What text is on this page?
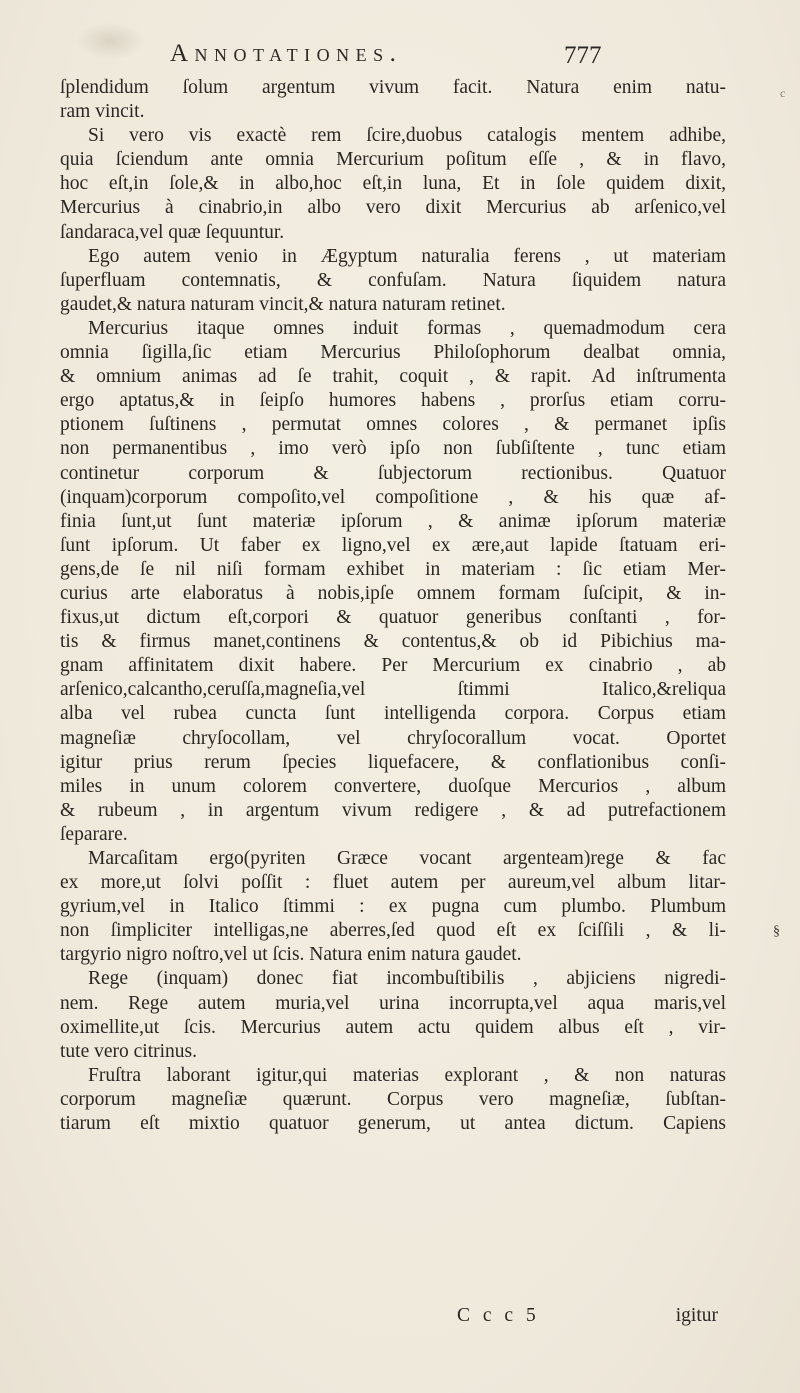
Annotationes.	777
ſplendidum ſolum argentum vivum facit. Natura enim natu-
ram vincit.
Si vero vis exactè rem ſcire,duobus catalogis mentem adhibe,
quia ſciendum ante omnia Mercurium poſitum eſſe , & in flavo,
hoc eſt,in ſole,& in albo,hoc eſt,in luna, Et in ſole quidem dixit,
Mercurius à cinabrio,in albo vero dixit Mercurius ab arſenico,vel
ſandaraca,vel quæ ſequuntur.
Ego autem venio in Ægyptum naturalia ferens , ut materiam
ſuperfluam contemnatis, & confuſam. Natura ſiquidem natura
gaudet,& natura naturam vincit,& natura naturam retinet.
Mercurius itaque omnes induit formas , quemadmodum cera
omnia ſigilla,ſic etiam Mercurius Philoſophorum dealbat omnia,
& omnium animas ad ſe trahit, coquit , & rapit. Ad inſtrumenta
ergo aptatus,& in ſeipſo humores habens , prorſus etiam corru-
ptionem ſuſtinens , permutat omnes colores , & permanet ipſis
non permanentibus , imo verò ipſo non ſubſiſtente , tunc etiam
continetur corporum & ſubjectorum rectionibus. Quatuor
(inquam)corporum compoſito,vel compoſitione , & his quæ af-
finia ſunt,ut ſunt materiæ ipſorum , & animæ ipſorum materiæ
ſunt ipſorum. Ut faber ex ligno,vel ex ære,aut lapide ſtatuam eri-
gens,de ſe nil niſi formam exhibet in materiam : ſic etiam Mer-
curius arte elaboratus à nobis,ipſe omnem formam ſuſcipit, & in-
fixus,ut dictum eſt,corpori & quatuor generibus conſtanti , for-
tis & firmus manet,continens & contentus,& ob id Pibichius ma-
gnam affinitatem dixit habere. Per Mercurium ex cinabrio , ab
arſenico,calcantho,ceruſſa,magneſia,vel ſtimmi Italico,&reliqua
alba vel rubea cuncta ſunt intelligenda corpora. Corpus etiam
magneſiæ chryſocollam, vel chryſocorallum vocat. Oportet
igitur prius rerum ſpecies liquefacere, & conflationibus conſi-
miles in unum colorem convertere, duoſque Mercurios , album
& rubeum , in argentum vivum redigere , & ad putrefactionem
ſeparare.
Marcaſitam ergo(pyriten Græce vocant argenteam)rege & fac
ex more,ut ſolvi poſſit : fluet autem per aureum,vel album litar-
gyrium,vel in Italico ſtimmi : ex pugna cum plumbo. Plumbum
non ſimpliciter intelligas,ne aberres,ſed quod eſt ex ſciſſili , & li-
targyrio nigro noſtro,vel ut ſcis. Natura enim natura gaudet.
Rege (inquam) donec fiat incombuſtibilis , abjiciens nigredi-
nem. Rege autem muria,vel urina incorrupta,vel aqua maris,vel
oximellite,ut ſcis. Mercurius autem actu quidem albus eſt , vir-
tute vero citrinus.
Fruſtra laborant igitur,qui materias explorant , & non naturas
corporum magneſiæ quærunt. Corpus vero magneſiæ, ſubſtan-
tiarum eſt mixtio quatuor generum, ut antea dictum. Capiens
C c c 5	igitur
c
§
